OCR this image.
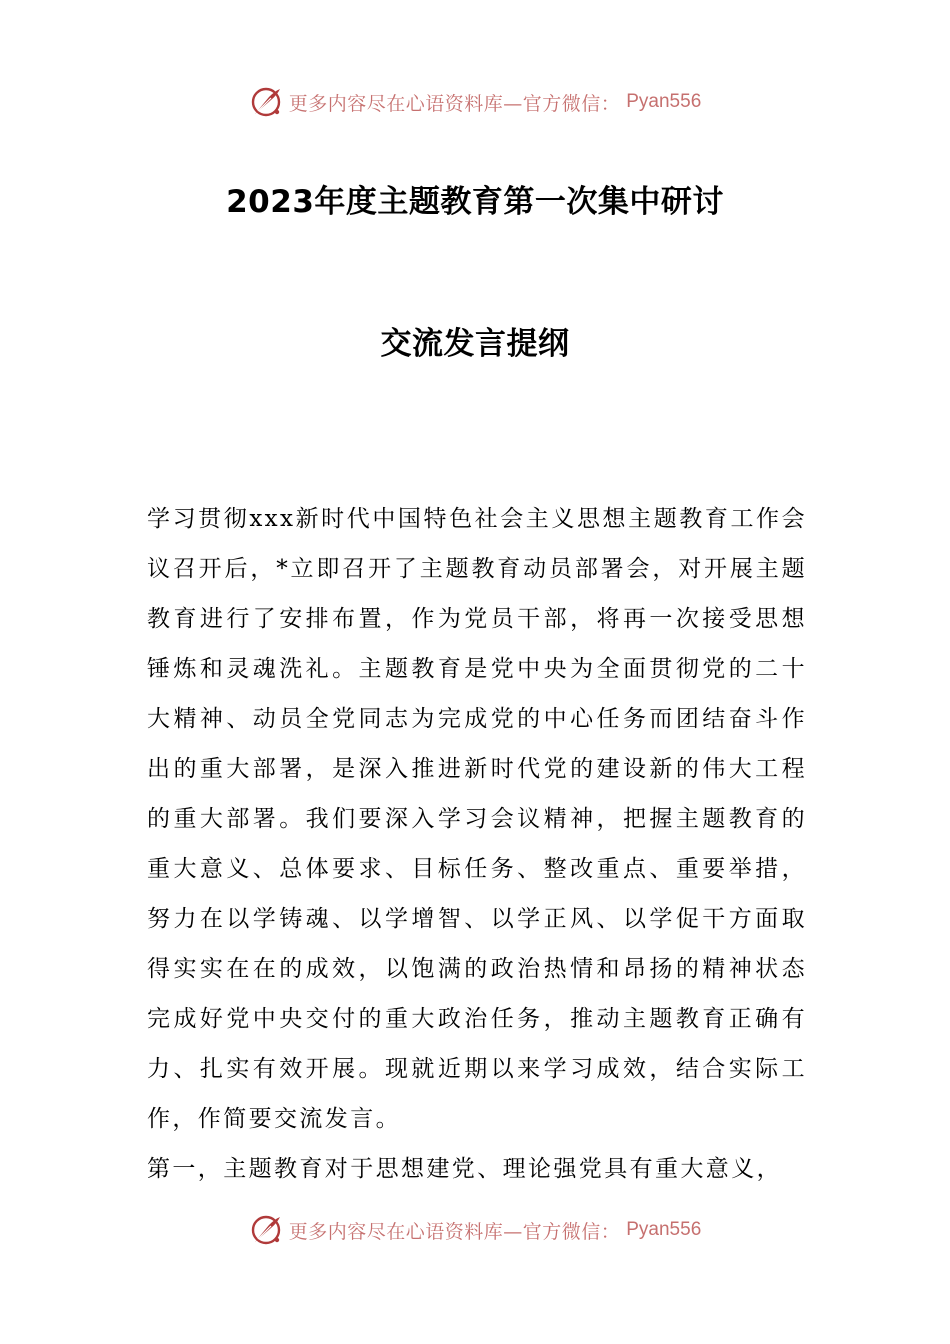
更多内容尽在心语资料库—官方微信： Pyan556
2023年度主题教育第一次集中研讨
交流发言提纲

学习贯彻xxx新时代中国特色社会主义思想主题教育工作会议召开后，*立即召开了主题教育动员部署会，对开展主题教育进行了安排布置，作为党员干部，将再一次接受思想锤炼和灵魂洗礼。主题教育是党中央为全面贯彻党的二十大精神、动员全党同志为完成党的中心任务而团结奋斗作出的重大部署，是深入推进新时代党的建设新的伟大工程的重大部署。我们要深入学习会议精神，把握主题教育的重大意义、总体要求、目标任务、整改重点、重要举措，努力在以学铸魂、以学增智、以学正风、以学促干方面取得实实在在的成效，以饱满的政治热情和昂扬的精神状态完成好党中央交付的重大政治任务，推动主题教育正确有力、扎实有效开展。现就近期以来学习成效，结合实际工作，作简要交流发言。

第一，主题教育对于思想建党、理论强党具有重大意义，

更多内容尽在心语资料库—官方微信： Pyan556
